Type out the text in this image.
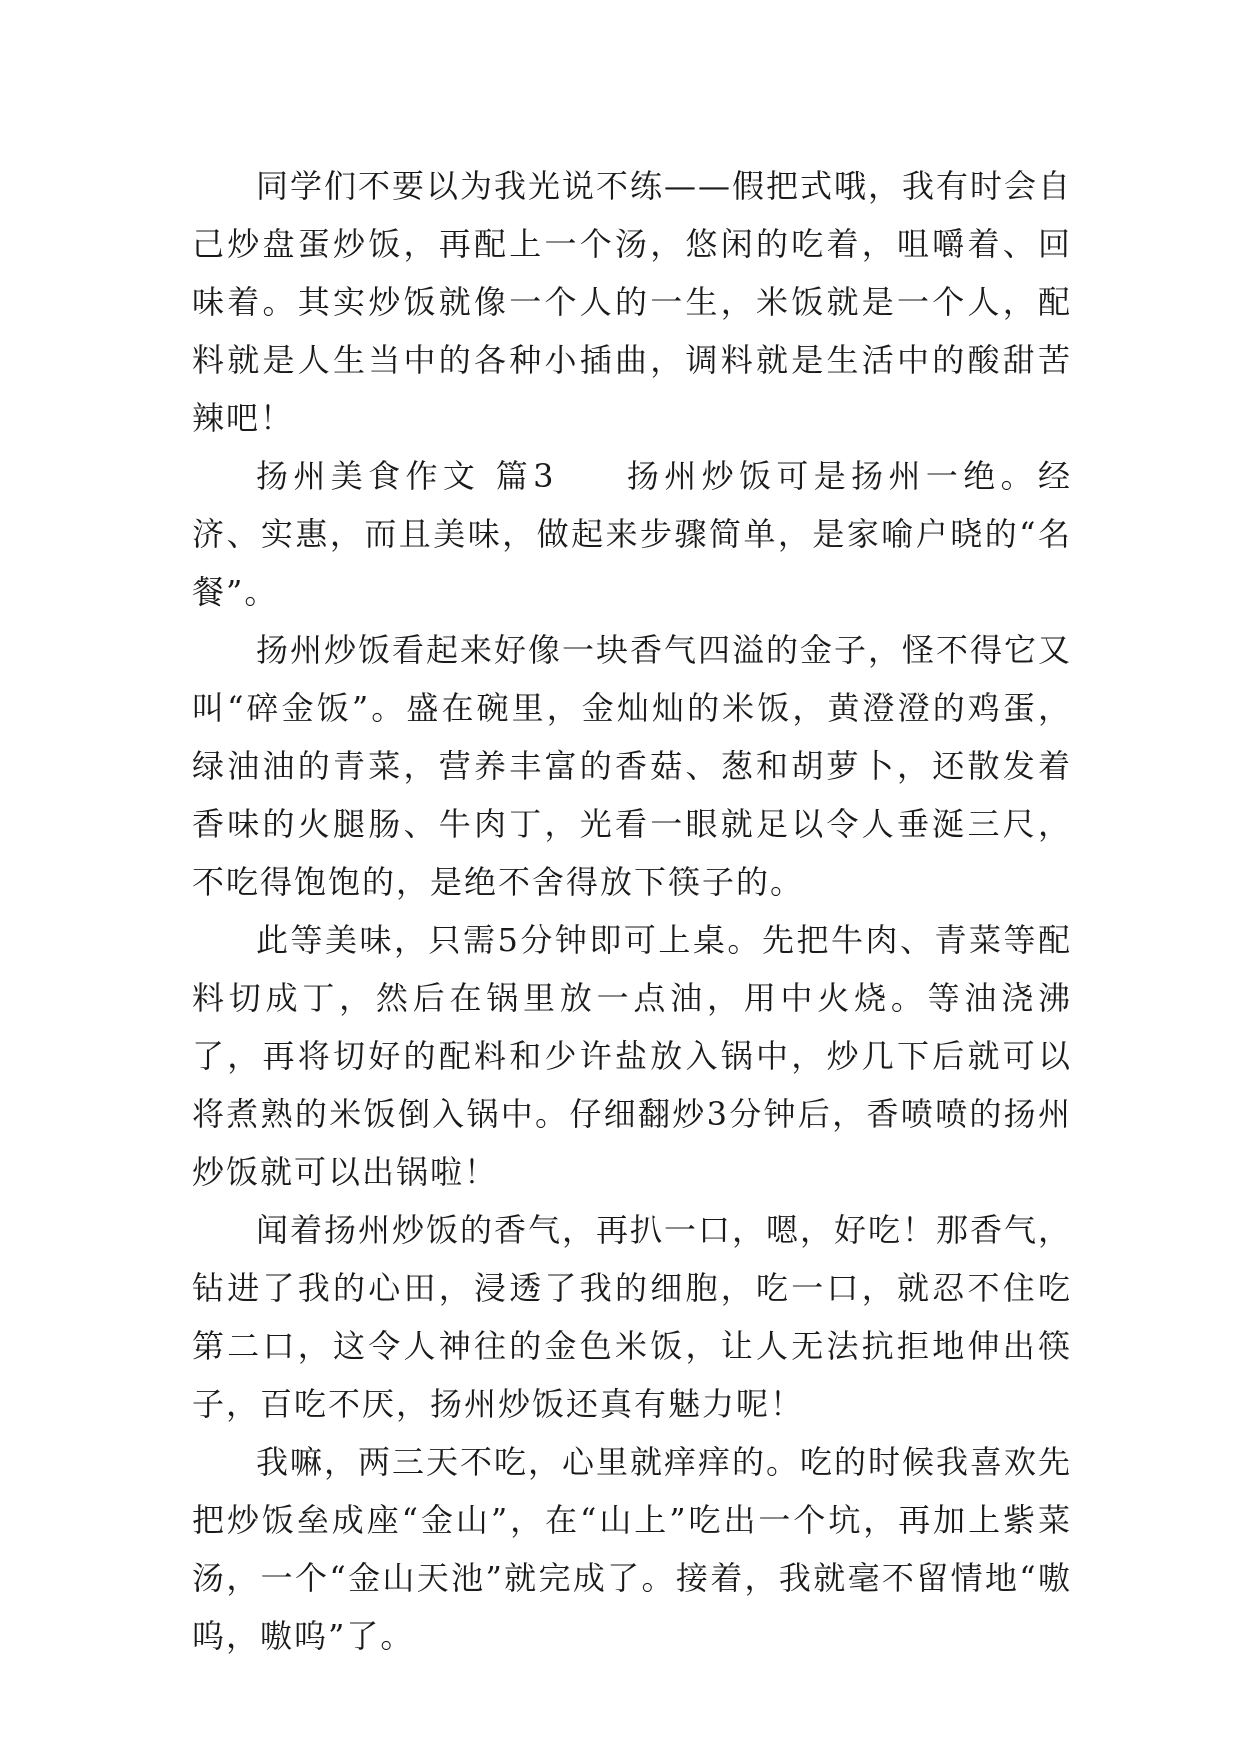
同学们不要以为我光说不练——假把式哦，我有时会自己炒盘蛋炒饭，再配上一个汤，悠闲的吃着，咀嚼着、回味着。其实炒饭就像一个人的一生，米饭就是一个人，配料就是人生当中的各种小插曲，调料就是生活中的酸甜苦辣吧！

扬州美食作文 篇3 扬州炒饭可是扬州一绝。经济、实惠，而且美味，做起来步骤简单，是家喻户晓的“名餐”。

扬州炒饭看起来好像一块香气四溢的金子，怪不得它又叫“碎金饭”。盛在碗里，金灿灿的米饭，黄澄澄的鸡蛋，绿油油的青菜，营养丰富的香菇、葱和胡萝卜，还散发着香味的火腿肠、牛肉丁，光看一眼就足以令人垂涎三尺，不吃得饱饱的，是绝不舍得放下筷子的。

此等美味，只需5分钟即可上桌。先把牛肉、青菜等配料切成丁，然后在锅里放一点油，用中火烧。等油浇沸了，再将切好的配料和少许盐放入锅中，炒几下后就可以将煮熟的米饭倒入锅中。仔细翻炒3分钟后，香喷喷的扬州炒饭就可以出锅啦！

闻着扬州炒饭的香气，再扒一口，嗯，好吃！那香气，钻进了我的心田，浸透了我的细胞，吃一口，就忍不住吃第二口，这令人神往的金色米饭，让人无法抗拒地伸出筷子，百吃不厌，扬州炒饭还真有魅力呢！

我嘛，两三天不吃，心里就痒痒的。吃的时候我喜欢先把炒饭垒成座“金山”，在“山上”吃出一个坑，再加上紫菜汤，一个“金山天池”就完成了。接着，我就毫不留情地“嗷呜，嗷呜”了。
